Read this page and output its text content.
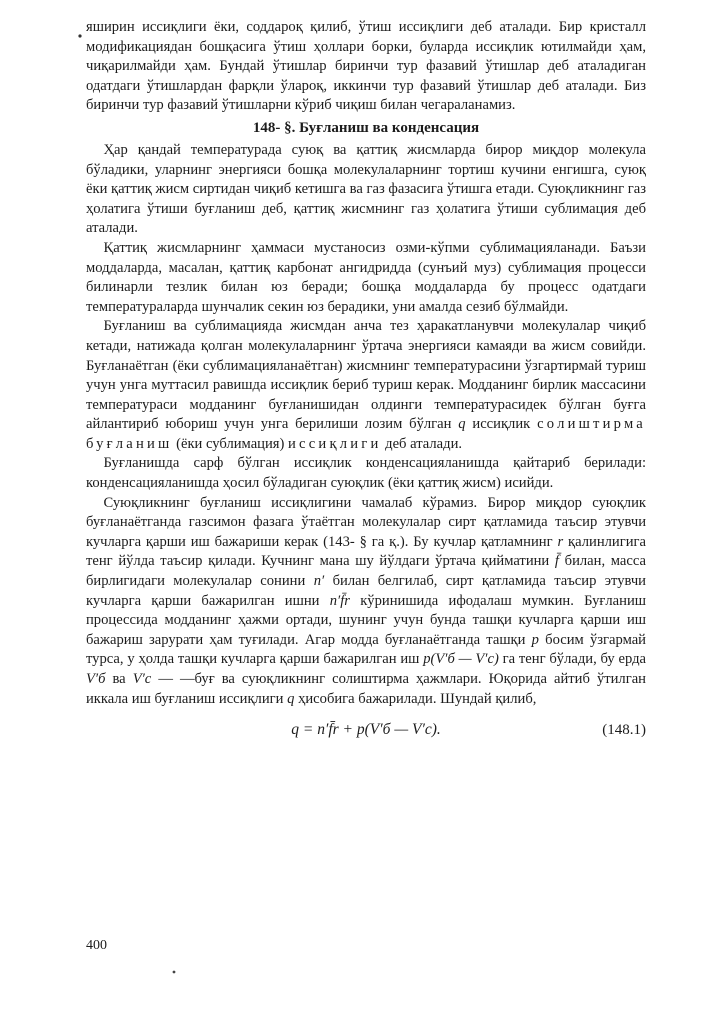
яширин иссиқлиги ёки, соддароқ қилиб, ўтиш иссиқлиги деб аталади. Бир кристалл модификациядан бошқасига ўтиш ҳоллари борки, буларда иссиқлик ютилмайди ҳам, чиқарилмайди ҳам. Бундай ўтишлар биринчи тур фазавий ўтишлар деб аталадиган одатдаги ўтишлардан фарқли ўлароқ, иккинчи тур фазавий ўтишлар деб аталади. Биз биринчи тур фазавий ўтишларни кўриб чиқиш билан чегараланамиз.

148- §. Буғланиш ва конденсация

Ҳар қандай температурада суюқ ва қаттиқ жисмларда бирор миқдор молекула бўладики, уларнинг энергияси бошқа молекулаларнинг тортиш кучини енгишга, суюқ ёки қаттиқ жисм сиртидан чиқиб кетишга ва газ фазасига ўтишга етади. Суюқликнинг газ ҳолатига ўтиши буғланиш деб, қаттиқ жисмнинг газ ҳолатига ўтиши сублимация деб аталади.

Қаттиқ жисмларнинг ҳаммаси мустаносиз озми-кўпми сублимацияланади. Баъзи моддаларда, масалан, қаттиқ карбонат ангидридда (сунъий муз) сублимация процесси билинарли тезлик билан юз беради; бошқа моддаларда бу процесс одатдаги температураларда шунчалик секин юз берадики, уни амалда сезиб бўлмайди.

Буғланиш ва сублимацияда жисмдан анча тез ҳаракатланувчи молекулалар чиқиб кетади, натижада қолган молекулаларнинг ўртача энергияси камаяди ва жисм совийди. Буғланаётган (ёки сублимацияланаётган) жисмнинг температурасини ўзгартирмай туриш учун унга муттасил равишда иссиқлик бериб туриш керак. Модданинг бирлик массасини температураси модданинг буғланишидан олдинги температурасидек бўлган буғга айлантириб юбориш учун унга берилиши лозим бўлган q иссиқлик солиштирма буғланиш (ёки сублимация) иссиқлиги деб аталади.

Буғланишда сарф бўлган иссиқлик конденсацияланишда қайтариб берилади: конденсацияланишда ҳосил бўладиган суюқлик (ёки қаттиқ жисм) исийди.

Суюқликнинг буғланиш иссиқлигини чамалаб кўрамиз. Бирор миқдор суюқлик буғланаётганда газсимон фазага ўтаётган молекулалар сирт қатламида таъсир этувчи кучларга қарши иш бажариши керак (143- § га қ.). Бу кучлар қатламнинг r қалинлигига тенг йўлда таъсир қилади. Кучнинг мана шу йўлдаги ўртача қийматини f̄ билан, масса бирлигидаги молекулалар сонини n′ билан белгилаб, сирт қатламида таъсир этувчи кучларга қарши бажарилган ишни n′f̄r кўринишида ифодалаш мумкин. Буғланиш процессида модданинг ҳажми ортади, шунинг учун бунда ташқи кучларга қарши иш бажариш зарурати ҳам туғилади. Агар модда буғланаётганда ташқи p босим ўзгармай турса, у ҳолда ташқи кучларга қарши бажарилган иш p(V′б — V′с) га тенг бўлади, бу ерда V′б ва V′с — —буғ ва суюқликнинг солиштирма ҳажмлари. Юқорида айтиб ўтилган иккала иш буғланиш иссиқлиги q ҳисобига бажарилади. Шундай қилиб,

q = n′f̄r + p(V′б — V′с).	(148.1)
400
